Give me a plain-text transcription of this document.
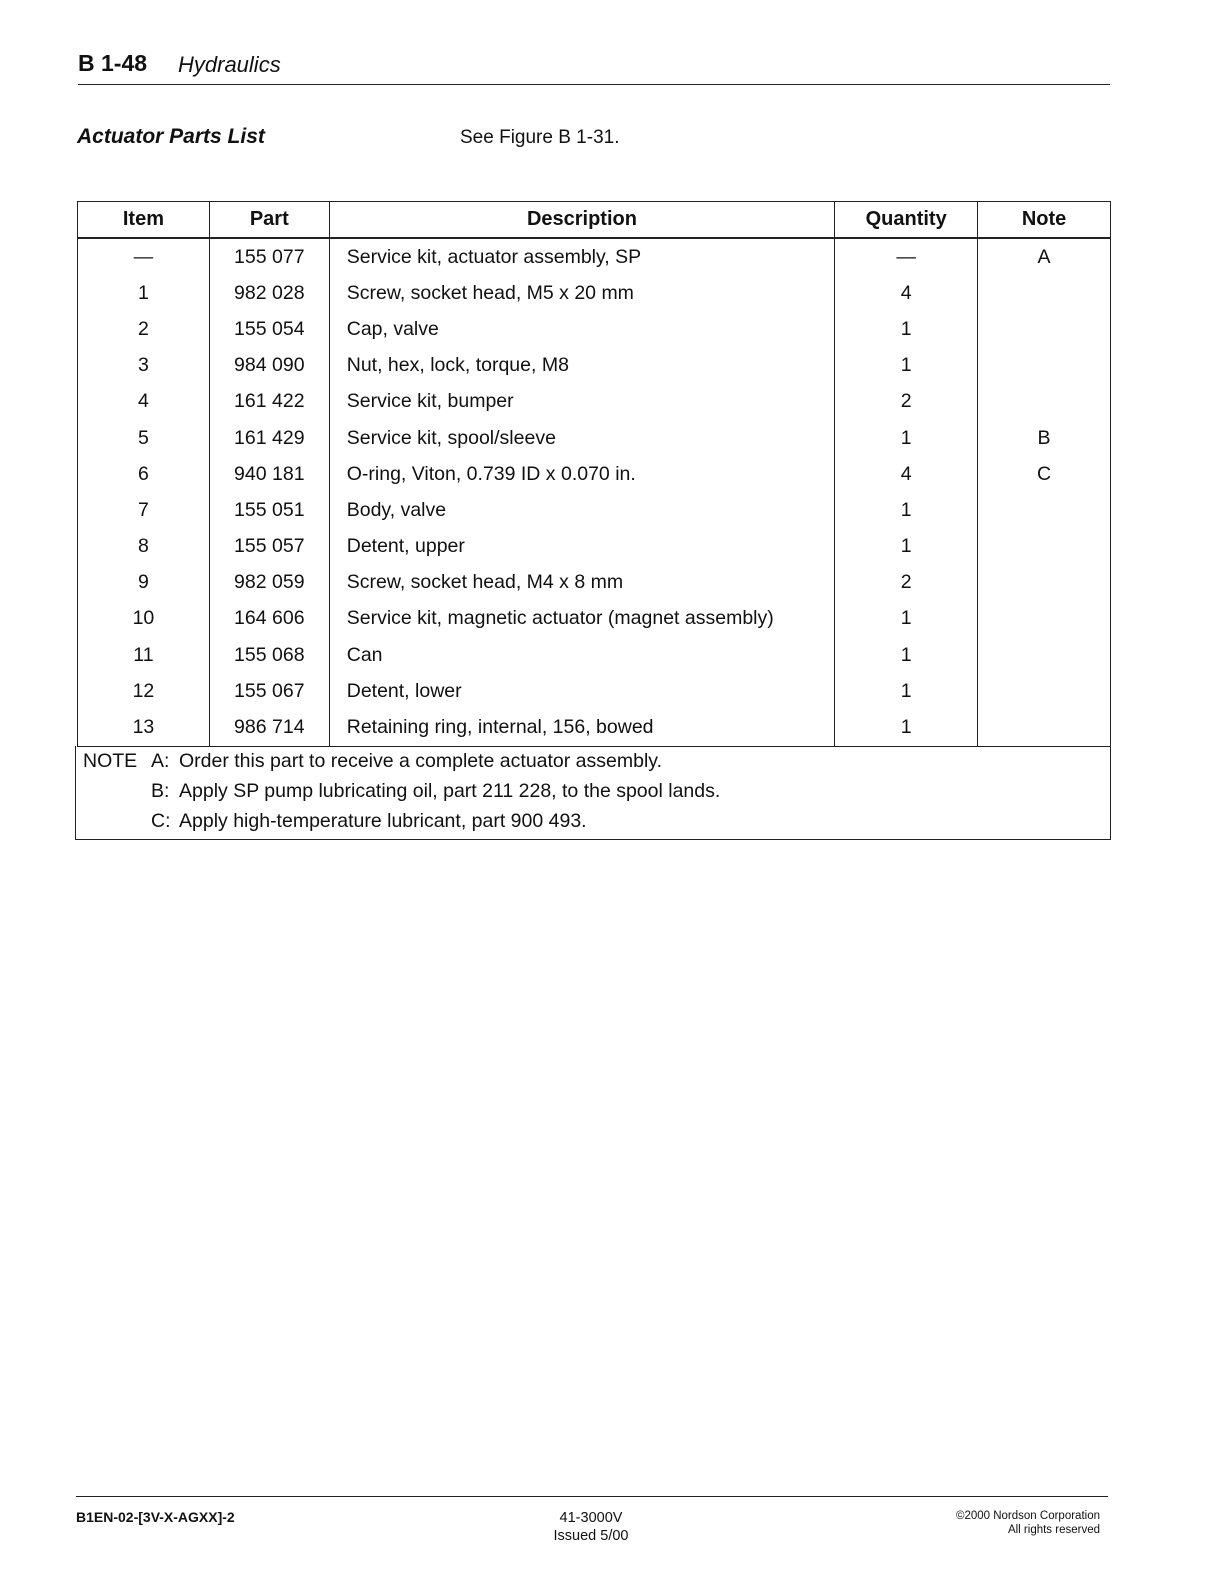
B 1-48 Hydraulics
Actuator Parts List	See Figure B 1-31.
Item	Part	Description	Quantity	Note
—	155 077	Service kit, actuator assembly, SP	—	A
1	982 028	Screw, socket head, M5 x 20 mm	4	
2	155 054	Cap, valve	1	
3	984 090	Nut, hex, lock, torque, M8	1	
4	161 422	Service kit, bumper	2	
5	161 429	Service kit, spool/sleeve	1	B
6	940 181	O-ring, Viton, 0.739 ID x 0.070 in.	4	C
7	155 051	Body, valve	1	
8	155 057	Detent, upper	1	
9	982 059	Screw, socket head, M4 x 8 mm	2	
10	164 606	Service kit, magnetic actuator (magnet assembly)	1	
11	155 068	Can	1	
12	155 067	Detent, lower	1	
13	986 714	Retaining ring, internal, 156, bowed	1	
NOTE A: Order this part to receive a complete actuator assembly.
B: Apply SP pump lubricating oil, part 211 228, to the spool lands.
C: Apply high-temperature lubricant, part 900 493.
B1EN-02-[3V-X-AGXX]-2	41-3000V
Issued 5/00
©2000 Nordson Corporation
All rights reserved
